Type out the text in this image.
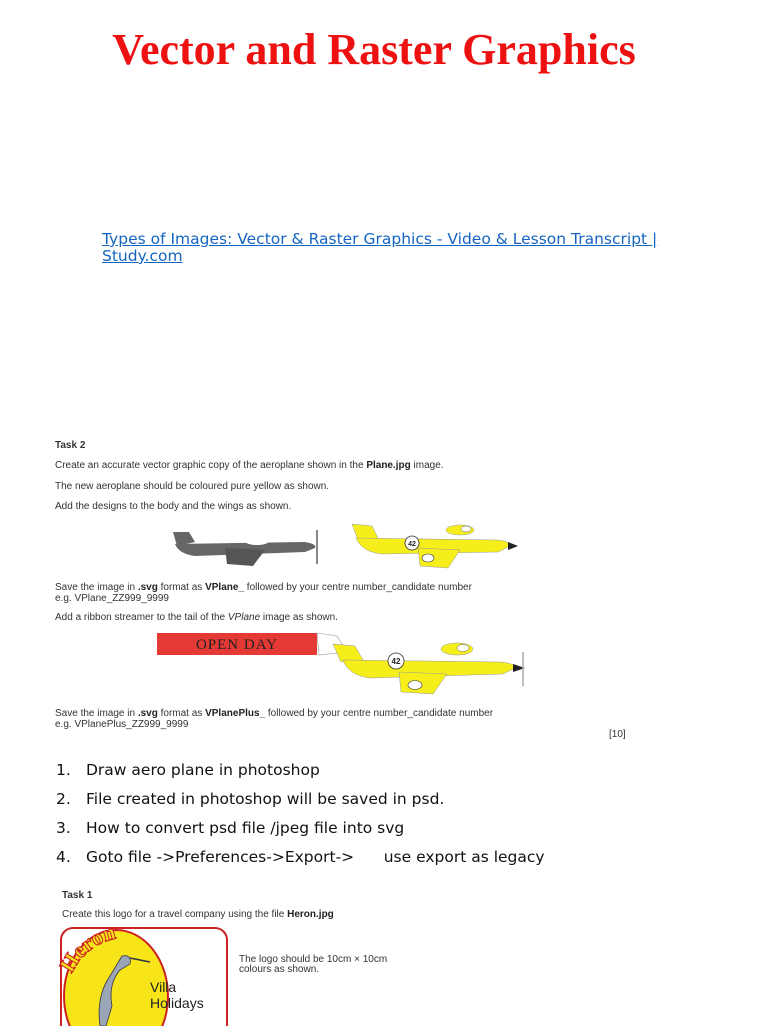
Vector and Raster Graphics
Types of Images: Vector & Raster Graphics - Video & Lesson Transcript |
Study.com
Task 2
Create an accurate vector graphic copy of the aeroplane shown in the Plane.jpg image.
The new aeroplane should be coloured pure yellow as shown.
Add the designs to the body and the wings as shown.
42
Save the image in .svg format as VPlane_ followed by your centre number_candidate number
e.g. VPlane_ZZ999_9999
Add a ribbon streamer to the tail of the VPlane image as shown.
OPEN DAY
42
Save the image in .svg format as VPlanePlus_ followed by your centre number_candidate number
e.g. VPlanePlus_ZZ999_9999
[10]
1. Draw aero plane in photoshop
2. File created in photoshop will be saved in psd.
3. How to convert psd file /jpeg file into svg
4. Goto file ->Preferences->Export->      use export as legacy
Task 1
Create this logo for a travel company using the file Heron.jpg
Heron
Villa
Holidays
The logo should be 10cm × 10cm
colours as shown.
